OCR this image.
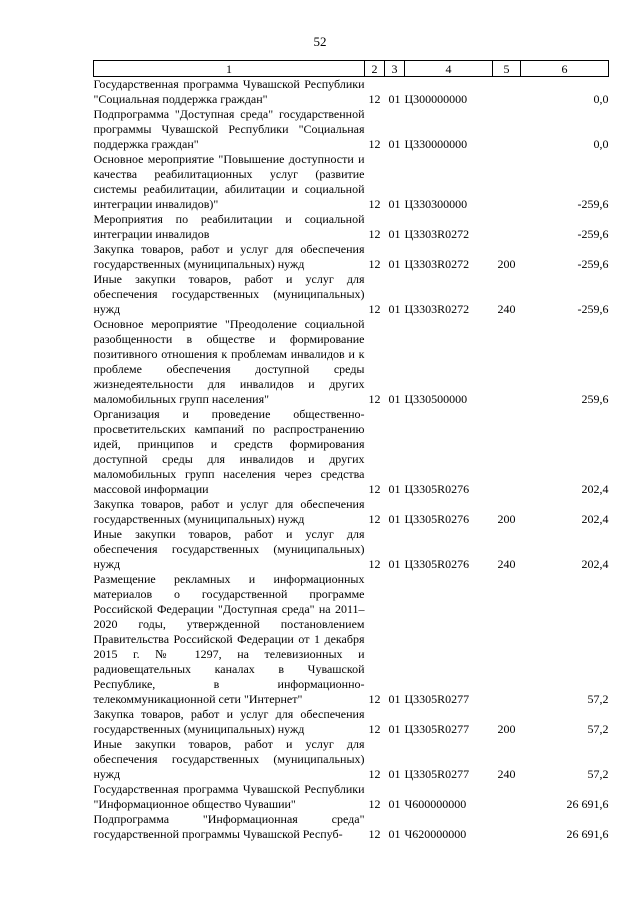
52
1	2	3	4	5	6
Государственная программа Чувашской Республики "Социальная поддержка граждан"	12	01	Ц300000000		0,0
Подпрограмма "Доступная среда" государственной программы Чувашской Республики "Социальная поддержка граждан"	12	01	Ц330000000		0,0
Основное мероприятие "Повышение доступности и качества реабилитационных услуг (развитие системы реабилитации, абилитации и социальной интеграции инвалидов)"	12	01	Ц330300000		-259,6
Мероприятия по реабилитации и социальной интеграции инвалидов	12	01	Ц3303R0272		-259,6
Закупка товаров, работ и услуг для обеспечения государственных (муниципальных) нужд	12	01	Ц3303R0272	200	-259,6
Иные закупки товаров, работ и услуг для обеспечения государственных (муниципальных) нужд	12	01	Ц3303R0272	240	-259,6
Основное мероприятие "Преодоление социальной разобщенности в обществе и формирование позитивного отношения к проблемам инвалидов и к проблеме обеспечения доступной среды жизнедеятельности для инвалидов и других маломобильных групп населения"	12	01	Ц330500000		259,6
Организация и проведение общественно-просветительских кампаний по распространению идей, принципов и средств формирования доступной среды для инвалидов и других маломобильных групп населения через средства массовой информации	12	01	Ц3305R0276		202,4
Закупка товаров, работ и услуг для обеспечения государственных (муниципальных) нужд	12	01	Ц3305R0276	200	202,4
Иные закупки товаров, работ и услуг для обеспечения государственных (муниципальных) нужд	12	01	Ц3305R0276	240	202,4
Размещение рекламных и информационных материалов о государственной программе Российской Федерации "Доступная среда" на 2011–2020 годы, утвержденной постановлением Правительства Российской Федерации от 1 декабря 2015 г. № 1297, на телевизионных и радиовещательных каналах в Чувашской Республике, в информационно-телекоммуникационной сети "Интернет"	12	01	Ц3305R0277		57,2
Закупка товаров, работ и услуг для обеспечения государственных (муниципальных) нужд	12	01	Ц3305R0277	200	57,2
Иные закупки товаров, работ и услуг для обеспечения государственных (муниципальных) нужд	12	01	Ц3305R0277	240	57,2
Государственная программа Чувашской Республики "Информационное общество Чувашии"	12	01	Ч600000000		26 691,6
Подпрограмма "Информационная среда" государственной программы Чувашской Респуб-	12	01	Ч620000000		26 691,6
